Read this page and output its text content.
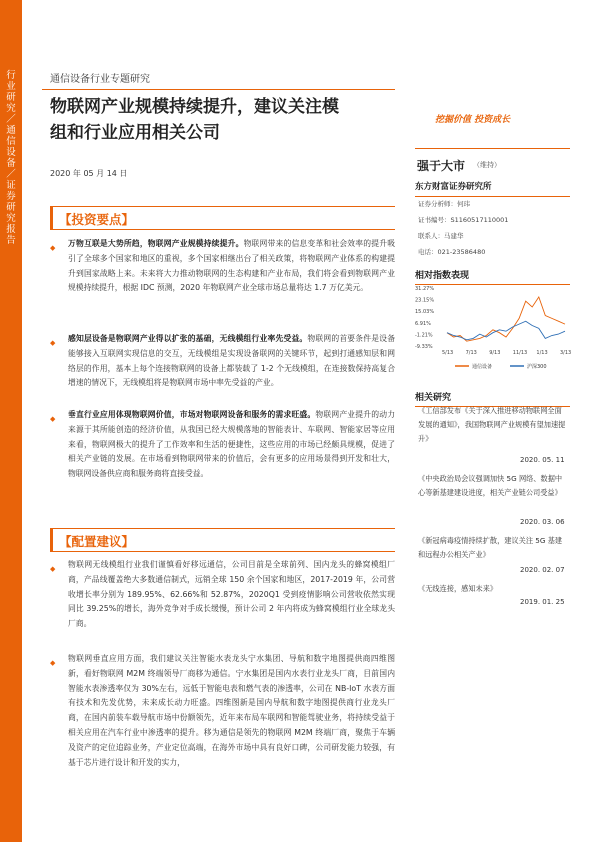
行业研究／通信设备／证券研究报告
通信设备行业专题研究
物联网产业规模持续提升，建议关注模
组和行业应用相关公司
2020 年 05 月 14 日
【投资要点】
◆ 万物互联是大势所趋，物联网产业规模持续提升。物联网带来的信息变革和社会效率的提升吸引了全球多个国家和地区的重视，多个国家相继出台了相关政策，将物联网产业体系的构建提升到国家战略上来。未来将大力推动物联网的生态构建和产业布局，我们将会看到物联网产业规模持续提升，根据 IDC 预测，2020 年物联网产业全球市场总量将达 1.7 万亿美元。

◆ 感知层设备是物联网产业得以扩张的基础，无线模组行业率先受益。物联网的首要条件是设备能够接入互联网实现信息的交互，无线模组是实现设备联网的关键环节，起到打通感知层和网络层的作用，基本上每个连接物联网的设备上都装载了 1-2 个无线模组，在连接数保持高复合增速的情况下，无线模组将是物联网市场中率先受益的产业。

◆ 垂直行业应用体现物联网价值，市场对物联网设备和服务的需求旺盛。物联网产业提升的动力来源于其所能创造的经济价值，从我国已经大规模落地的智能表计、车联网、智能家居等应用来看，物联网极大的提升了工作效率和生活的便捷性，这些应用的市场已经颇具规模，促进了相关产业链的发展。在市场看到物联网带来的价值后，会有更多的应用场景得到开发和壮大，物联网设备供应商和服务商将直接受益。

【配置建议】
◆ 物联网无线模组行业我们谨慎看好移远通信，公司目前是全球前列、国内龙头的蜂窝模组厂商，产品线覆盖绝大多数通信制式，远销全球 150 余个国家和地区，2017-2019 年，公司营收增长率分别为 189.95%、62.66%和 52.87%，2020Q1 受到疫情影响公司营收依然实现同比 39.25%的增长，海外竞争对手成长缓慢，预计公司 2 年内将成为蜂窝模组行业全球龙头厂商。

◆ 物联网垂直应用方面，我们建议关注智能水表龙头宁水集团、导航和数字地图提供商四维图新，看好物联网 M2M 终端领导厂商移为通信。宁水集团是国内水表行业龙头厂商，目前国内智能水表渗透率仅为 30%左右，远低于智能电表和燃气表的渗透率，公司在 NB-IoT 水表方面有技术和先发优势，未来成长动力旺盛。四维图新是国内导航和数字地图提供商行业龙头厂商，在国内前装车载导航市场中份额领先，近年来布局车联网和智能驾驶业务，将持续受益于相关应用在汽车行业中渗透率的提升。移为通信是领先的物联网 M2M 终端厂商，聚焦于车辆及资产的定位追踪业务，产业定位高端，在海外市场中具有良好口碑，公司研发能力较强，有基于芯片进行设计和开发的实力，

挖掘价值 投资成长
强于大市 （维持）
东方财富证券研究所
证券分析师：何玮
证书编号：S1160517110001
联系人：马建华
电话：021-23586480
相对指数表现
31.27%
23.15%
15.03%
6.91%
-1.21%
-9.33%
5/13 7/13 9/13 11/13 1/13 3/13
通信设备	沪深300
相关研究
《工信部发布《关于深入推进移动物联网全面发展的通知》，我国物联网产业规模有望加速提升》
2020. 05. 11
《中央政治局会议强调加快 5G 网络、数据中心等新基建建设进度，相关产业链公司受益》
2020. 03. 06
《新冠病毒疫情持续扩散，建议关注 5G 基建和远程办公相关产业》
2020. 02. 07
《无线连接，感知未来》
2019. 01. 25
